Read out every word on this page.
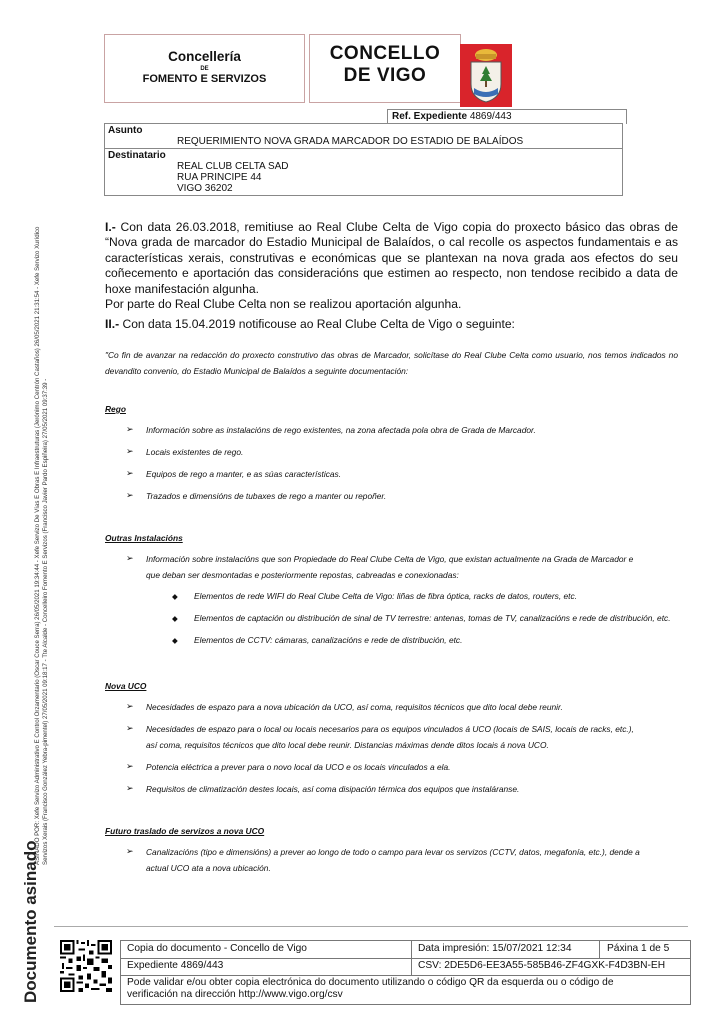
ASINADO POR: Xefe Servizo Administrativo E Control Orzamentario (Oscar Couce Serra) 26/05/2021 19:34:44 - Xefe Servizo De Vías E Obras E Infraestruturas (Jerónimo Centrón Castaños) 26/05/2021 21:31:54 - Xefe Servizo Xurídico Servizos Xerais (Francisco González Yebra-pimentel) 27/05/2021 09:18:17 - Tte Alcalde - Concelleiro Fomento E Servizos (Francisco Javier Pardo Espiñeira) 27/05/2021 09:37:39 -
Documento asinado
Concellería
DE
FOMENTO E SERVIZOS
CONCELLO
DE VIGO
Ref. Expediente 4869/443
Asunto
REQUERIMIENTO NOVA GRADA MARCADOR DO ESTADIO DE BALAÍDOS
Destinatario
REAL CLUB CELTA SAD
RUA PRINCIPE 44
VIGO 36202
I.- Con data 26.03.2018, remitiuse ao Real Clube Celta de Vigo copia do proxecto básico das obras de “Nova grada de marcador do Estadio Municipal de Balaídos, o cal recolle os aspectos fundamentais e as características xerais, construtivas e económicas que se plantexan na nova grada aos efectos do seu coñecemento e aportación das consideracións que estimen ao respecto, non tendose recibido a data de hoxe manifestación algunha.
Por parte do Real Clube Celta non se realizou aportación algunha.
II.- Con data 15.04.2019 notificouse ao Real Clube Celta de Vigo o seguinte:
"Co fin de avanzar na redacción do proxecto construtivo das obras de Marcador, solicítase do Real Clube Celta como usuario, nos temos indicados no devandito convenio, do Estadio Municipal de Balaídos a seguinte documentación:
Rego
➢ Información sobre as instalacións de rego existentes, na zona afectada pola obra de Grada de Marcador.
➢ Locais existentes de rego.
➢ Equipos de rego a manter, e as súas características.
➢ Trazados e dimensións de tubaxes de rego a manter ou repoñer.
Outras Instalacións
➢ Información sobre instalacións que son Propiedade do Real Clube Celta de Vigo, que existan actualmente na Grada de Marcador e
que deban ser desmontadas e posteriormente repostas, cabreadas e conexionadas:
◆ Elementos de rede WIFI do Real Clube Celta de Vigo: liñas de fibra óptica, racks de datos, routers, etc.
◆ Elementos de captación ou distribución de sinal de TV terrestre: antenas, tomas de TV, canalizacións e rede de distribución, etc.
◆ Elementos de CCTV: cámaras, canalizacións e rede de distribución, etc.
Nova UCO
➢ Necesidades de espazo para a nova ubicación da UCO, así coma, requisitos técnicos que dito local debe reunir.
➢ Necesidades de espazo para o local ou locais necesarios para os equipos vinculados á UCO (locais de SAIS, locais de racks, etc.),
así coma, requisitos técnicos que dito local debe reunir. Distancias máximas dende ditos locais á nova UCO.
➢ Potencia eléctrica a prever para o novo local da UCO e os locais vinculados a ela.
➢ Requisitos de climatización destes locais, así coma disipación térmica dos equipos que instaláranse.
Futuro traslado de servizos a nova UCO
➢ Canalizacións (tipo e dimensións) a prever ao longo de todo o campo para levar os servizos (CCTV, datos, megafonía, etc.), dende a
actual UCO ata a nova ubicación.
Copia do documento - Concello de Vigo	Data impresión: 15/07/2021 12:34	Páxina 1 de 5
Expediente 4869/443	CSV: 2DE5D6-EE3A55-585B46-ZF4GXK-F4D3BN-EH
Pode validar e/ou obter copia electrónica do documento utilizando o código QR da esquerda ou o código de
verificación na dirección http://www.vigo.org/csv
